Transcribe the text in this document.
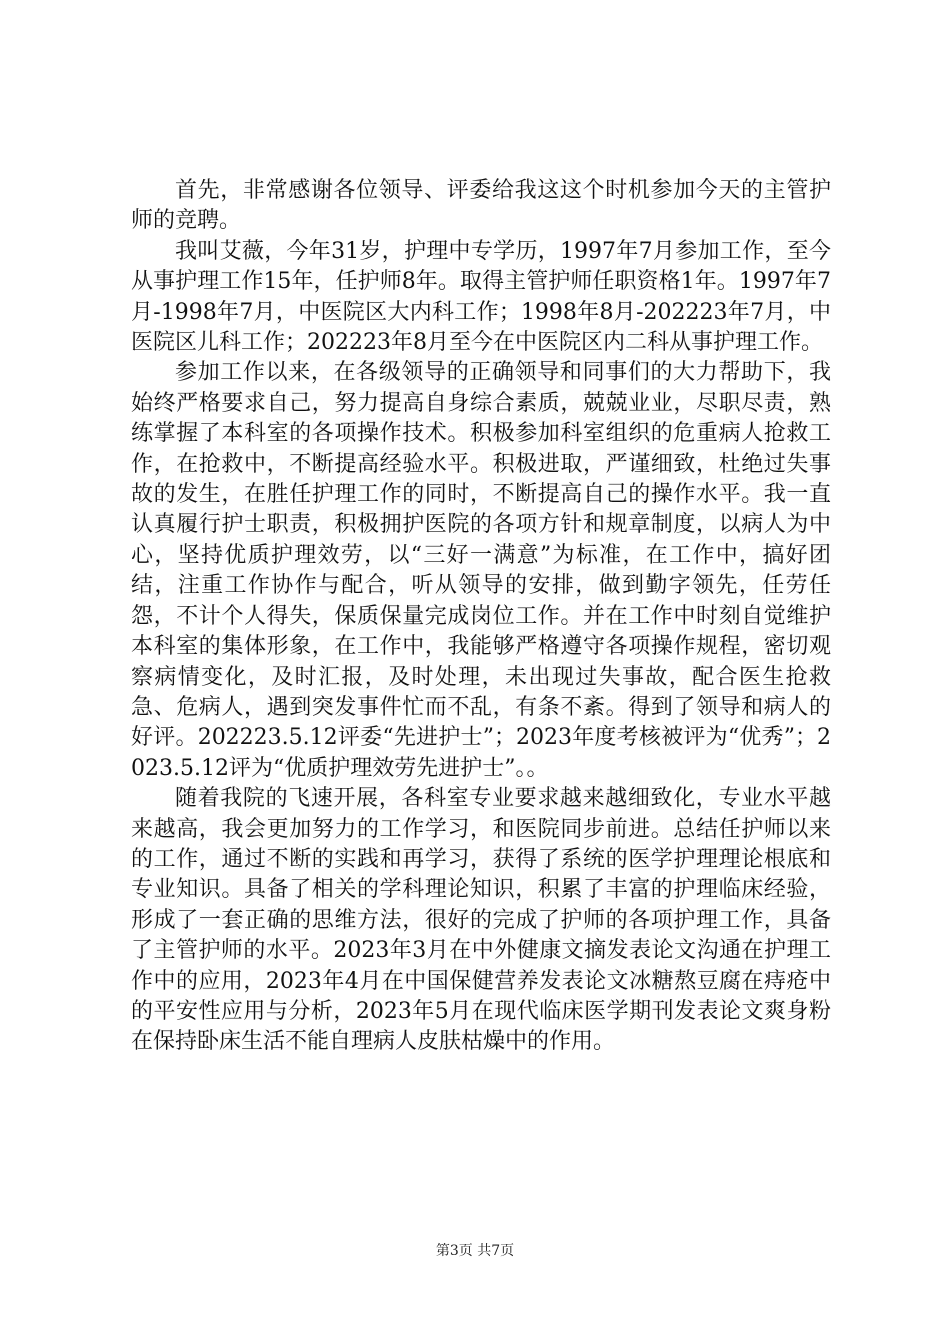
首先，非常感谢各位领导、评委给我这这个时机参加今天的主管护师的竞聘。

我叫艾薇，今年31岁，护理中专学历，1997年7月参加工作，至今从事护理工作15年，任护师8年。取得主管护师任职资格1年。1997年7月-1998年7月，中医院区大内科工作；1998年8月-202223年7月，中医院区儿科工作；202223年8月至今在中医院区内二科从事护理工作。

参加工作以来，在各级领导的正确领导和同事们的大力帮助下，我始终严格要求自己，努力提高自身综合素质，兢兢业业，尽职尽责，熟练掌握了本科室的各项操作技术。积极参加科室组织的危重病人抢救工作，在抢救中，不断提高经验水平。积极进取，严谨细致，杜绝过失事故的发生，在胜任护理工作的同时，不断提高自己的操作水平。我一直认真履行护士职责，积极拥护医院的各项方针和规章制度，以病人为中心，坚持优质护理效劳，以“三好一满意”为标准，在工作中，搞好团结，注重工作协作与配合，听从领导的安排，做到勤字领先，任劳任怨，不计个人得失，保质保量完成岗位工作。并在工作中时刻自觉维护本科室的集体形象，在工作中，我能够严格遵守各项操作规程，密切观察病情变化，及时汇报，及时处理，未出现过失事故，配合医生抢救急、危病人，遇到突发事件忙而不乱，有条不紊。得到了领导和病人的好评。202223.5.12评委“先进护士”；2023年度考核被评为“优秀”；2023.5.12评为“优质护理效劳先进护士”。。

随着我院的飞速开展，各科室专业要求越来越细致化，专业水平越来越高，我会更加努力的工作学习，和医院同步前进。总结任护师以来的工作，通过不断的实践和再学习，获得了系统的医学护理理论根底和专业知识。具备了相关的学科理论知识，积累了丰富的护理临床经验，形成了一套正确的思维方法，很好的完成了护师的各项护理工作，具备了主管护师的水平。2023年3月在中外健康文摘发表论文沟通在护理工作中的应用，2023年4月在中国保健营养发表论文冰糖熬豆腐在痔疮中的平安性应用与分析，2023年5月在现代临床医学期刊发表论文爽身粉在保持卧床生活不能自理病人皮肤枯燥中的作用。

第3页 共7页
